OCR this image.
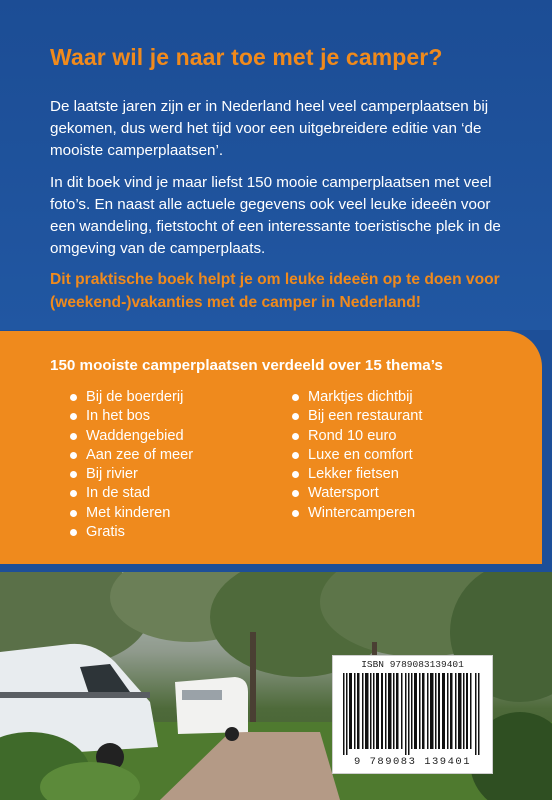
Waar wil je naar toe met je camper?

De laatste jaren zijn er in Nederland heel veel camperplaatsen bij gekomen, dus werd het tijd voor een uitgebreidere editie van ‘de mooiste camperplaatsen’.

In dit boek vind je maar liefst 150 mooie camperplaatsen met veel foto’s. En naast alle actuele gegevens ook veel leuke ideeën voor een wandeling, fietstocht of een interessante toeristische plek in de omgeving van de camperplaats.

Dit praktische boek helpt je om leuke ideeën op te doen voor (weekend-)vakanties met de camper in Nederland!

150 mooiste camperplaatsen verdeeld over 15 thema’s

Bij de boerderij
In het bos
Waddengebied
Aan zee of meer
Bij rivier
In de stad
Met kinderen
Gratis
Marktjes dichtbij
Bij een restaurant
Rond 10 euro
Luxe en comfort
Lekker fietsen
Watersport
Wintercamperen
ISBN 9789083139401
9 789083 139401
